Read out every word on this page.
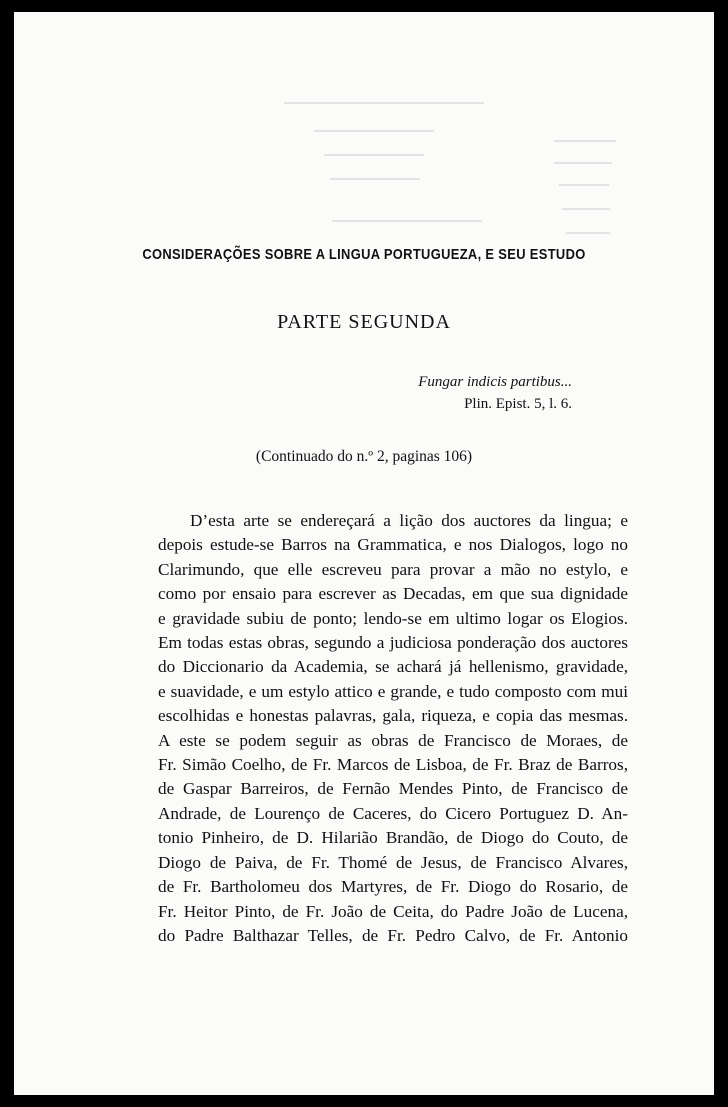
CONSIDERAÇÕES SOBRE A LINGUA PORTUGUEZA, E SEU ESTUDO
PARTE SEGUNDA
Fungar indicis partibus...
Plin. Epist. 5, l. 6.
(Continuado do n.º 2, paginas 106)

D’esta arte se endereçará a lição dos auctores da lingua; e
depois estude-se Barros na Grammatica, e nos Dialogos, logo no
Clarimundo, que elle escreveu para provar a mão no estylo, e
como por ensaio para escrever as Decadas, em que sua dignidade
e gravidade subiu de ponto; lendo-se em ultimo logar os Elogios.
Em todas estas obras, segundo a judiciosa ponderação dos auctores
do Diccionario da Academia, se achará já hellenismo, gravidade,
e suavidade, e um estylo attico e grande, e tudo composto com mui
escolhidas e honestas palavras, gala, riqueza, e copia das mesmas.
A este se podem seguir as obras de Francisco de Moraes, de
Fr. Simão Coelho, de Fr. Marcos de Lisboa, de Fr. Braz de Barros,
de Gaspar Barreiros, de Fernão Mendes Pinto, de Francisco de
Andrade, de Lourenço de Caceres, do Cicero Portuguez D. An-
tonio Pinheiro, de D. Hilarião Brandão, de Diogo do Couto, de
Diogo de Paiva, de Fr. Thomé de Jesus, de Francisco Alvares,
de Fr. Bartholomeu dos Martyres, de Fr. Diogo do Rosario, de
Fr. Heitor Pinto, de Fr. João de Ceita, do Padre João de Lucena,
do Padre Balthazar Telles, de Fr. Pedro Calvo, de Fr. Antonio
